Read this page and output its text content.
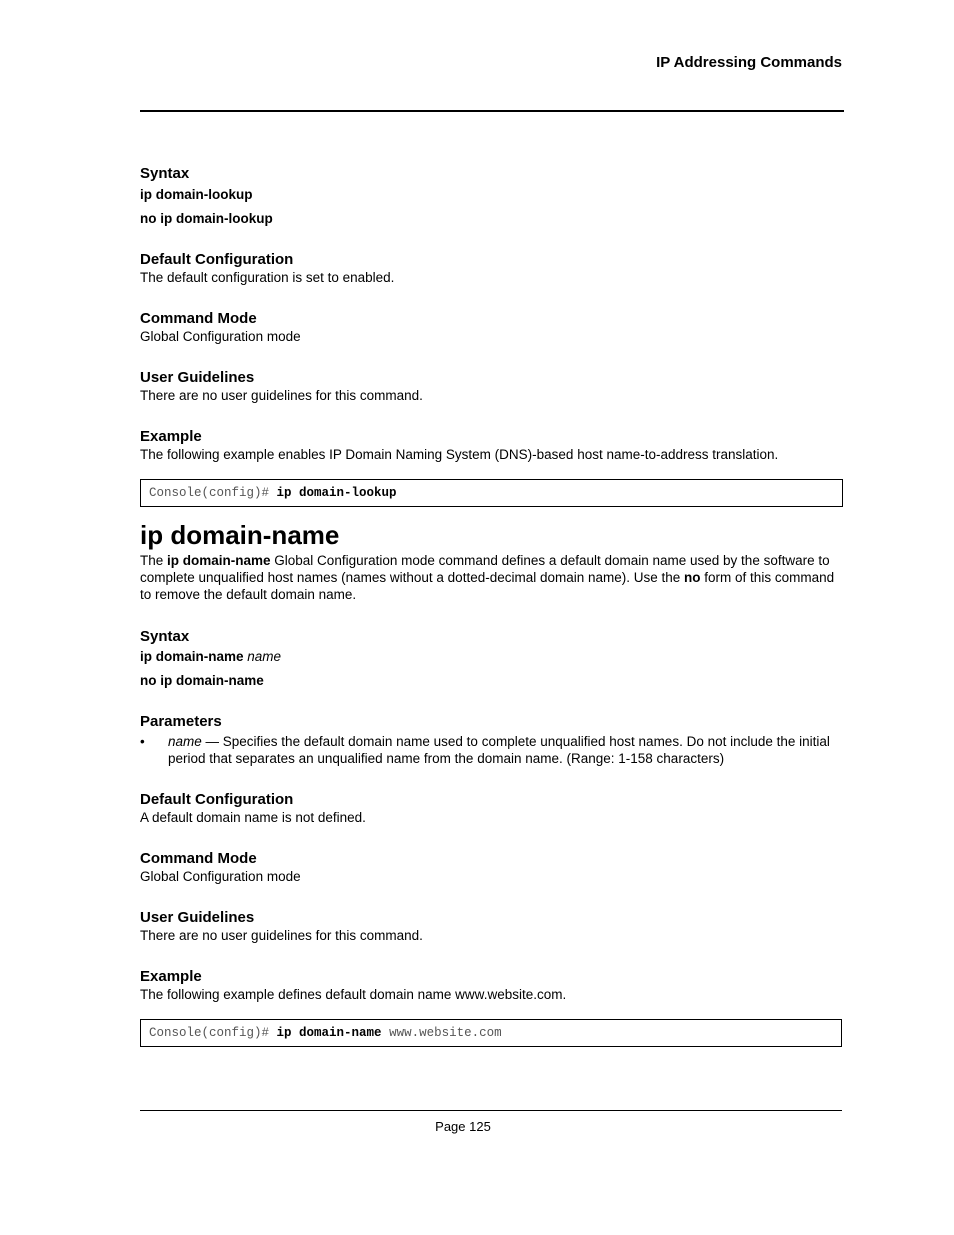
IP Addressing Commands

Syntax

ip domain-lookup

no ip domain-lookup

Default Configuration

The default configuration is set to enabled.

Command Mode

Global Configuration mode

User Guidelines

There are no user guidelines for this command.

Example

The following example enables IP Domain Naming System (DNS)-based host name-to-address translation.

Console(config)# ip domain-lookup

ip domain-name

The ip domain-name Global Configuration mode command defines a default domain name used by the software to complete unqualified host names (names without a dotted-decimal domain name). Use the no form of this command to remove the default domain name.

Syntax

ip domain-name name

no ip domain-name

Parameters

•	name — Specifies the default domain name used to complete unqualified host names. Do not include the initial period that separates an unqualified name from the domain name. (Range: 1-158 characters)

Default Configuration

A default domain name is not defined.

Command Mode

Global Configuration mode

User Guidelines

There are no user guidelines for this command.

Example

The following example defines default domain name www.website.com.

Console(config)# ip domain-name www.website.com
Page 125
